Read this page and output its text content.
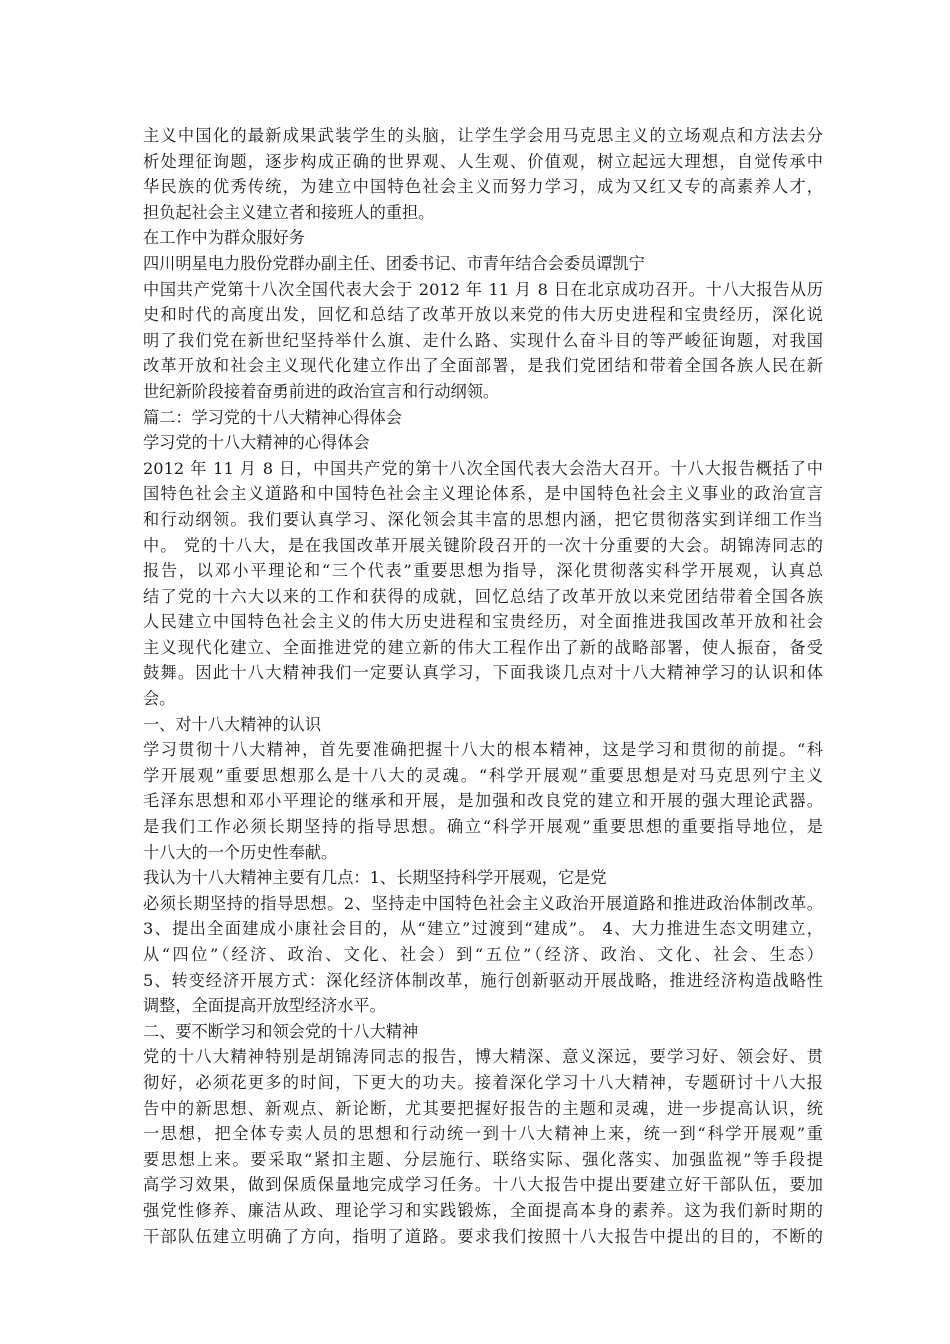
主义中国化的最新成果武装学生的头脑，让学生学会用马克思主义的立场观点和方法去分
析处理征询题，逐步构成正确的世界观、人生观、价值观，树立起远大理想，自觉传承中
华民族的优秀传统，为建立中国特色社会主义而努力学习，成为又红又专的高素养人才，
担负起社会主义建立者和接班人的重担。
在工作中为群众服好务
四川明星电力股份党群办副主任、团委书记、市青年结合会委员谭凯宁
中国共产党第十八次全国代表大会于 2012 年 11 月 8 日在北京成功召开。十八大报告从历
史和时代的高度出发，回忆和总结了改革开放以来党的伟大历史进程和宝贵经历，深化说
明了我们党在新世纪坚持举什么旗、走什么路、实现什么奋斗目的等严峻征询题，对我国
改革开放和社会主义现代化建立作出了全面部署，是我们党团结和带着全国各族人民在新
世纪新阶段接着奋勇前进的政治宣言和行动纲领。
篇二：学习党的十八大精神心得体会
学习党的十八大精神的心得体会
2012 年 11 月 8 日，中国共产党的第十八次全国代表大会浩大召开。十八大报告概括了中
国特色社会主义道路和中国特色社会主义理论体系，是中国特色社会主义事业的政治宣言
和行动纲领。我们要认真学习、深化领会其丰富的思想内涵，把它贯彻落实到详细工作当
中。 党的十八大，是在我国改革开展关键阶段召开的一次十分重要的大会。胡锦涛同志的
报告，以邓小平理论和“三个代表”重要思想为指导，深化贯彻落实科学开展观，认真总
结了党的十六大以来的工作和获得的成就，回忆总结了改革开放以来党团结带着全国各族
人民建立中国特色社会主义的伟大历史进程和宝贵经历，对全面推进我国改革开放和社会
主义现代化建立、全面推进党的建立新的伟大工程作出了新的战略部署，使人振奋，备受
鼓舞。因此十八大精神我们一定要认真学习，下面我谈几点对十八大精神学习的认识和体
会。
一、对十八大精神的认识
学习贯彻十八大精神，首先要准确把握十八大的根本精神，这是学习和贯彻的前提。“科
学开展观”重要思想那么是十八大的灵魂。“科学开展观”重要思想是对马克思列宁主义
毛泽东思想和邓小平理论的继承和开展，是加强和改良党的建立和开展的强大理论武器。
是我们工作必须长期坚持的指导思想。确立“科学开展观”重要思想的重要指导地位，是
十八大的一个历史性奉献。
我认为十八大精神主要有几点：1、长期坚持科学开展观，它是党
必须长期坚持的指导思想。2、坚持走中国特色社会主义政治开展道路和推进政治体制改革。
3、提出全面建成小康社会目的，从“建立”过渡到“建成”。 4、大力推进生态文明建立，
从“四位”（经济、政治、文化、社会）到“五位”（经济、政治、文化、社会、生态）
5、转变经济开展方式：深化经济体制改革，施行创新驱动开展战略，推进经济构造战略性
调整，全面提高开放型经济水平。
二、要不断学习和领会党的十八大精神
党的十八大精神特别是胡锦涛同志的报告，博大精深、意义深远，要学习好、领会好、贯
彻好，必须花更多的时间，下更大的功夫。接着深化学习十八大精神，专题研讨十八大报
告中的新思想、新观点、新论断，尤其要把握好报告的主题和灵魂，进一步提高认识，统
一思想，把全体专卖人员的思想和行动统一到十八大精神上来，统一到“科学开展观”重
要思想上来。要采取“紧扣主题、分层施行、联络实际、强化落实、加强监视”等手段提
高学习效果，做到保质保量地完成学习任务。十八大报告中提出要建立好干部队伍，要加
强党性修养、廉洁从政、理论学习和实践锻炼，全面提高本身的素养。这为我们新时期的
干部队伍建立明确了方向，指明了道路。要求我们按照十八大报告中提出的目的，不断的
